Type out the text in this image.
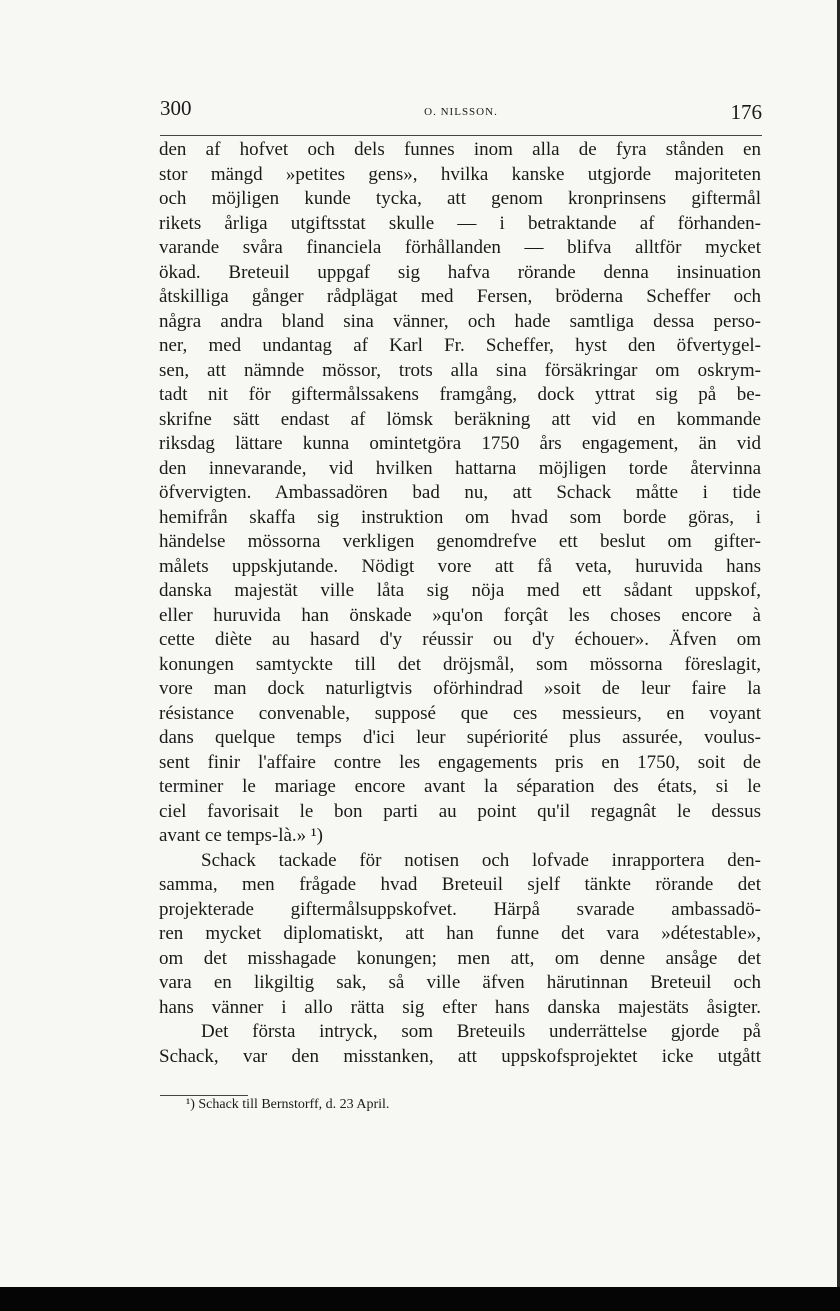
300	O. NILSSON.	176
den af hofvet och dels funnes inom alla de fyra stånden en
stor mängd »petites gens», hvilka kanske utgjorde majoriteten
och möjligen kunde tycka, att genom kronprinsens giftermål
rikets årliga utgiftsstat skulle — i betraktande af förhanden-
varande svåra financiela förhållanden — blifva alltför mycket
ökad. Breteuil uppgaf sig hafva rörande denna insinuation
åtskilliga gånger rådplägat med Fersen, bröderna Scheffer och
några andra bland sina vänner, och hade samtliga dessa perso-
ner, med undantag af Karl Fr. Scheffer, hyst den öfvertygel-
sen, att nämnde mössor, trots alla sina försäkringar om oskrym-
tadt nit för giftermålssakens framgång, dock yttrat sig på be-
skrifne sätt endast af lömsk beräkning att vid en kommande
riksdag lättare kunna omintetgöra 1750 års engagement, än vid
den innevarande, vid hvilken hattarna möjligen torde återvinna
öfvervigten. Ambassadören bad nu, att Schack måtte i tide
hemifrån skaffa sig instruktion om hvad som borde göras, i
händelse mössorna verkligen genomdrefve ett beslut om gifter-
målets uppskjutande. Nödigt vore att få veta, huruvida hans
danska majestät ville låta sig nöja med ett sådant uppskof,
eller huruvida han önskade »qu'on forçât les choses encore à
cette diète au hasard d'y réussir ou d'y échouer». Äfven om
konungen samtyckte till det dröjsmål, som mössorna föreslagit,
vore man dock naturligtvis oförhindrad »soit de leur faire la
résistance convenable, supposé que ces messieurs, en voyant
dans quelque temps d'ici leur supériorité plus assurée, voulus-
sent finir l'affaire contre les engagements pris en 1750, soit de
terminer le mariage encore avant la séparation des états, si le
ciel favorisait le bon parti au point qu'il regagnât le dessus
avant ce temps-là.» ¹)
Schack tackade för notisen och lofvade inrapportera den-
samma, men frågade hvad Breteuil sjelf tänkte rörande det
projekterade giftermålsuppskofvet. Härpå svarade ambassadö-
ren mycket diplomatiskt, att han funne det vara »détestable»,
om det misshagade konungen; men att, om denne ansåge det
vara en likgiltig sak, så ville äfven härutinnan Breteuil och
hans vänner i allo rätta sig efter hans danska majestäts åsigter.
Det första intryck, som Breteuils underrättelse gjorde på
Schack, var den misstanken, att uppskofsprojektet icke utgått
¹) Schack till Bernstorff, d. 23 April.
